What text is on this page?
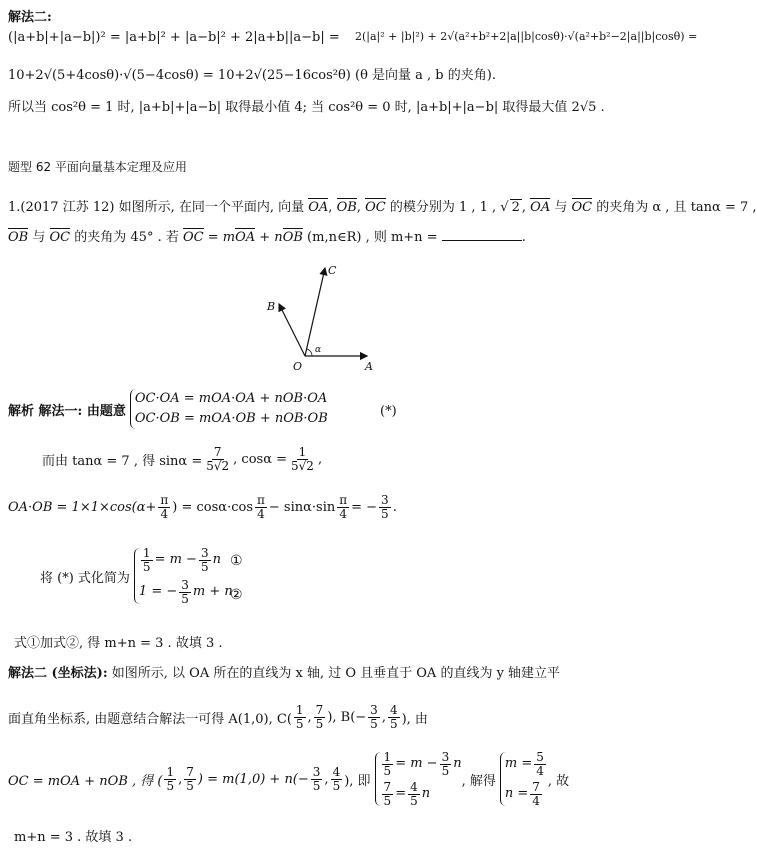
解法二:
(|a+b|+|a−b|)² = |a+b|² + |a−b|² + 2|a+b||a−b| = 2(|a|² + |b|²) + 2√(a²+b²+2|a||b|cosθ)·√(a²+b²−2|a||b|cosθ) =
10+2√(5+4cosθ)·√(5−4cosθ) = 10+2√(25−16cos²θ) (θ 是向量 a , b 的夹角).
所以当 cos²θ = 1 时, |a+b|+|a−b| 取得最小值 4; 当 cos²θ = 0 时, |a+b|+|a−b| 取得最大值 2√5 .
题型 62 平面向量基本定理及应用
1.(2017 江苏 12) 如图所示, 在同一个平面内, 向量 OA, OB, OC 的模分别为 1 , 1 , √ 2 , OA 与 OC 的夹角为 α , 且 tanα = 7 ,
OB 与 OC 的夹角为 45° . 若 OC = mOA + nOB (m,n∈R) , 则 m+n =	.
C
B
O	A
α
解析 解法一: 由题意
OC·OA = mOA·OA + nOB·OA
OC·OB = mOA·OB + nOB·OB	(*)
而由 tanα = 7 , 得 $\sin\alpha = \frac{7}{5√2}$ , $\cos\alpha = \frac{1}{5√2}$ ,
$OA\cdot OB = 1\times 1\times\cos(\alpha+ \frac{\pi}{4}$ ) = $\cos\alpha\cdot\cos \frac{\pi}{4} - \sin\alpha\cdot\sin \frac{\pi}{4}$ = − $\frac{3}{5}$ .
将 (*) 式化简为
$\frac{1}{5} = m - \frac{3}{5}$ n
1 = − $\frac{3}{5}$ m + n
①
②
式①加式②, 得 m+n = 3 . 故填 3 .
解法二 (坐标法): 如图所示, 以 OA 所在的直线为 x 轴, 过 O 且垂直于 OA 的直线为 y 轴建立平
面直角坐标系, 由题意结合解法一可得 A(1,0), $C( \frac{1}{5}$ , $\frac{7}{5}$ ), $B(- \frac{3}{5}$ , $\frac{4}{5}$ ), 由
OC = mOA + nOB , 得 ( $\frac{1}{5}$ , $\frac{7}{5}$ ) = $m(1,0) + n(- \frac{3}{5}$ , $\frac{4}{5}$ ), 即
$\frac{1}{5} = m - \frac{3}{5}$ n
$\frac{7}{5} = \frac{4}{5}$ n
, 解得
$m = \frac{5}{4}$
$n = \frac{7}{4}$ , 故
m+n = 3 . 故填 3 .
